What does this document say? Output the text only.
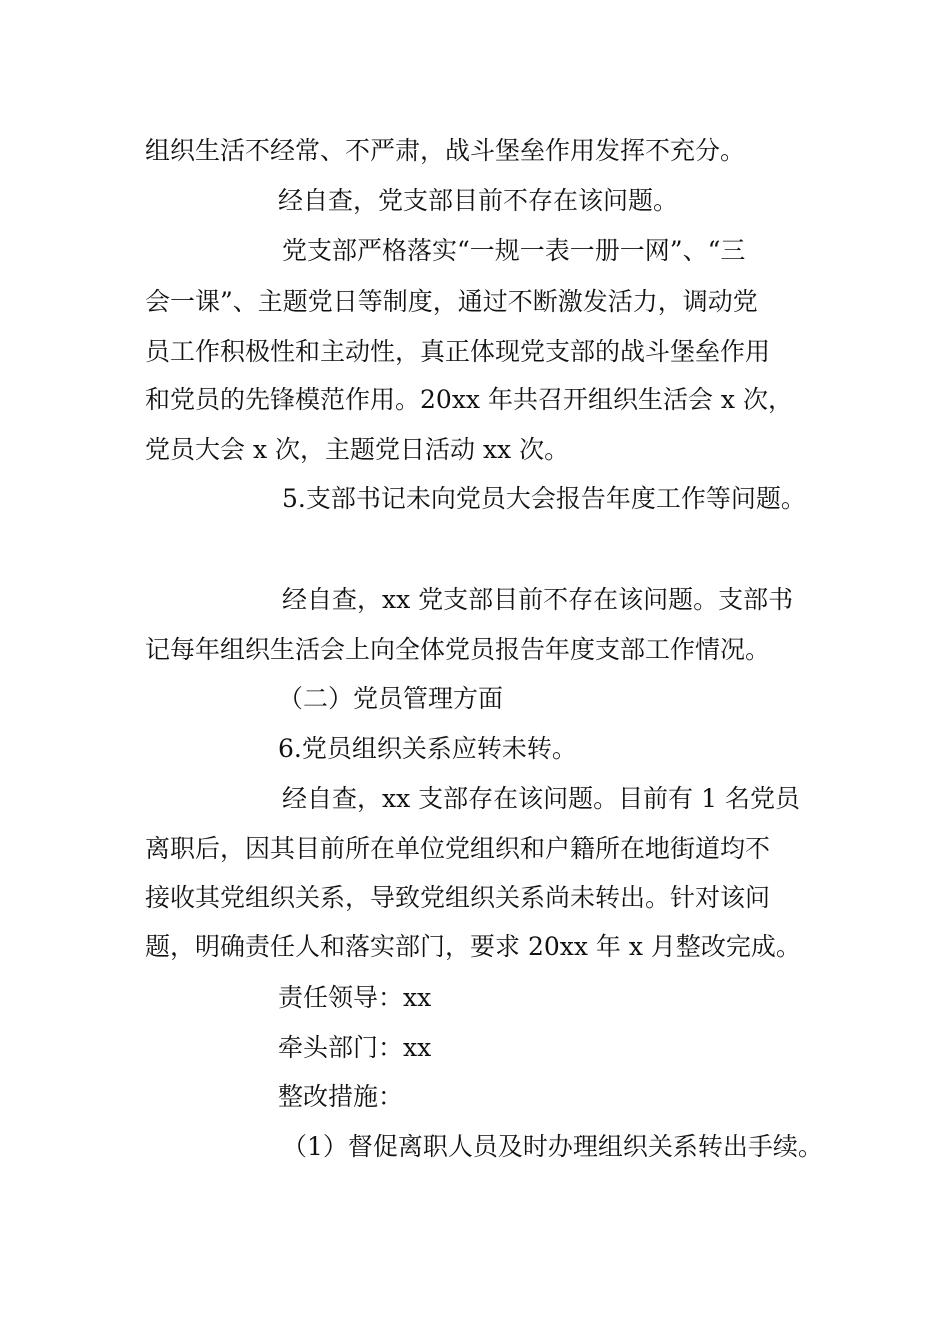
组织生活不经常、不严肃，战斗堡垒作用发挥不充分。
经自查，党支部目前不存在该问题。
党支部严格落实“一规一表一册一网”、“三
会一课”、主题党日等制度，通过不断激发活力，调动党
员工作积极性和主动性，真正体现党支部的战斗堡垒作用
和党员的先锋模范作用。20xx 年共召开组织生活会 x 次，
党员大会 x 次，主题党日活动 xx 次。
5.支部书记未向党员大会报告年度工作等问题。
经自查，xx 党支部目前不存在该问题。支部书
记每年组织生活会上向全体党员报告年度支部工作情况。
（二）党员管理方面
6.党员组织关系应转未转。
经自查，xx 支部存在该问题。目前有 1 名党员
离职后，因其目前所在单位党组织和户籍所在地街道均不
接收其党组织关系，导致党组织关系尚未转出。针对该问
题，明确责任人和落实部门，要求 20xx 年 x 月整改完成。
责任领导：xx
牵头部门：xx
整改措施：
（1）督促离职人员及时办理组织关系转出手续。
